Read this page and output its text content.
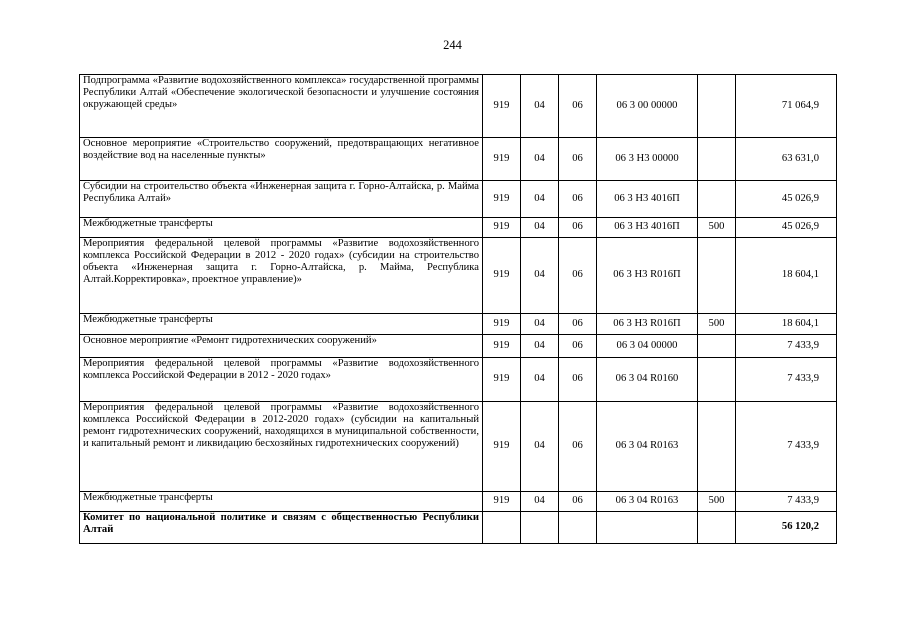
244
Подпрограмма «Развитие водохозяйственного комплекса» государственной программы Республики Алтай «Обеспечение экологической безопасности и улучшение состояния окружающей среды»	919	04	06	06 3 00 00000		71 064,9
Основное мероприятие «Строительство сооружений, предотвращающих негативное воздействие вод на населенные пункты»	919	04	06	06 3 Н3 00000		63 631,0
Субсидии на строительство объекта «Инженерная защита г. Горно-Алтайска, р. Майма Республика Алтай»	919	04	06	06 3 Н3 4016П		45 026,9
Межбюджетные трансферты	919	04	06	06 3 Н3 4016П	500	45 026,9
Мероприятия федеральной целевой программы «Развитие водохозяйственного комплекса Российской Федерации в 2012 - 2020 годах» (субсидии на строительство объекта «Инженерная защита г. Горно-Алтайска, р. Майма, Республика Алтай.Корректировка», проектное управление)»	919	04	06	06 3 Н3 R016П		18 604,1
Межбюджетные трансферты	919	04	06	06 3 Н3 R016П	500	18 604,1
Основное мероприятие «Ремонт гидротехнических сооружений»	919	04	06	06 3 04 00000		7 433,9
Мероприятия федеральной целевой программы «Развитие водохозяйственного комплекса Российской Федерации в 2012 - 2020 годах»	919	04	06	06 3 04 R0160		7 433,9
Мероприятия федеральной целевой программы «Развитие водохозяйственного комплекса Российской Федерации в 2012-2020 годах» (субсидии на капитальный ремонт гидротехнических сооружений, находящихся в муниципальной собственности, и капитальный ремонт и ликвидацию бесхозяйных гидротехнических сооружений)	919	04	06	06 3 04 R0163		7 433,9
Межбюджетные трансферты	919	04	06	06 3 04 R0163	500	7 433,9
Комитет по национальной политике и связям с общественностью Республики Алтай						56 120,2
